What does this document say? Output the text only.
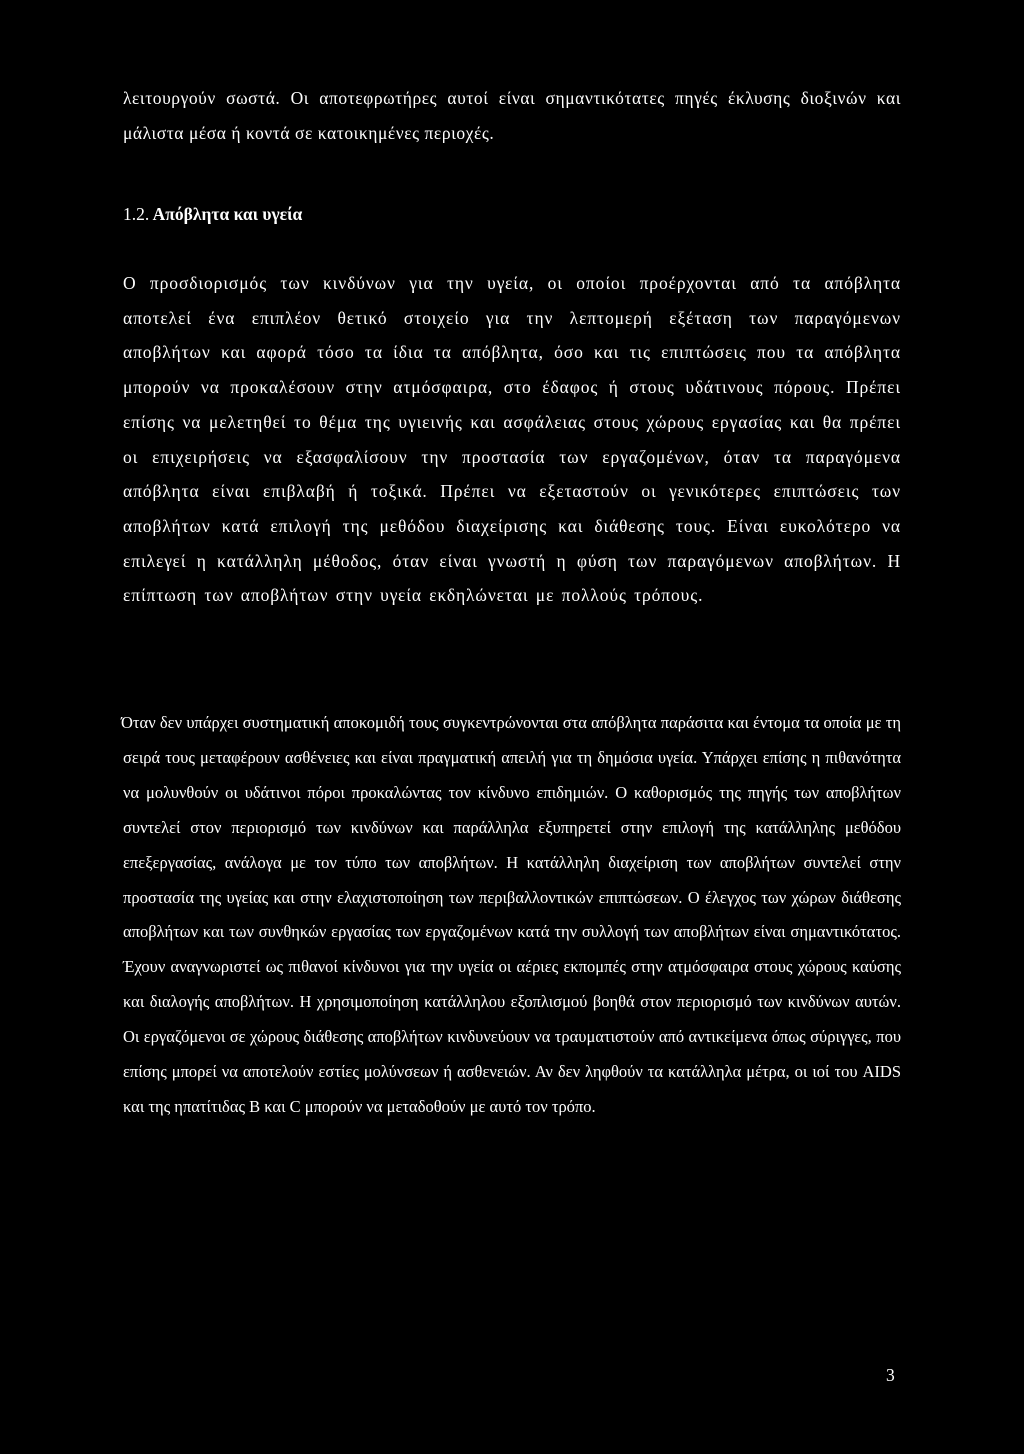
λειτουργούν σωστά. Οι αποτεφρωτήρες αυτοί είναι σημαντικότατες πηγές έκλυσης διοξινών και μάλιστα μέσα ή κοντά σε κατοικημένες περιοχές.

1.2. Απόβλητα και υγεία

Ο προσδιορισμός των κινδύνων για την υγεία, οι οποίοι προέρχονται από τα απόβλητα αποτελεί ένα επιπλέον θετικό στοιχείο για την λεπτομερή εξέταση των παραγόμενων αποβλήτων και αφορά τόσο τα ίδια τα απόβλητα, όσο και τις επιπτώσεις που τα απόβλητα μπορούν να προκαλέσουν στην ατμόσφαιρα, στο έδαφος ή στους υδάτινους πόρους. Πρέπει επίσης να μελετηθεί το θέμα της υγιεινής και ασφάλειας στους χώρους εργασίας και θα πρέπει οι επιχειρήσεις να εξασφαλίσουν την προστασία των εργαζομένων, όταν τα παραγόμενα απόβλητα είναι επιβλαβή ή τοξικά. Πρέπει να εξεταστούν οι γενικότερες επιπτώσεις των αποβλήτων κατά επιλογή της μεθόδου διαχείρισης και διάθεσης τους. Είναι ευκολότερο να επιλεγεί η κατάλληλη μέθοδος, όταν είναι γνωστή η φύση των παραγόμενων αποβλήτων. Η επίπτωση των αποβλήτων στην υγεία εκδηλώνεται με πολλούς τρόπους.

Όταν δεν υπάρχει συστηματική αποκομιδή τους συγκεντρώνονται στα απόβλητα παράσιτα και έντομα τα οποία με τη σειρά τους μεταφέρουν ασθένειες και είναι πραγματική απειλή για τη δημόσια υγεία. Υπάρχει επίσης η πιθανότητα να μολυνθούν οι υδάτινοι πόροι προκαλώντας τον κίνδυνο επιδημιών. Ο καθορισμός της πηγής των αποβλήτων συντελεί στον περιορισμό των κινδύνων και παράλληλα εξυπηρετεί στην επιλογή της κατάλληλης μεθόδου επεξεργασίας, ανάλογα με τον τύπο των αποβλήτων. Η κατάλληλη διαχείριση των αποβλήτων συντελεί στην προστασία της υγείας και στην ελαχιστοποίηση των περιβαλλοντικών επιπτώσεων. Ο έλεγχος των χώρων διάθεσης αποβλήτων και των συνθηκών εργασίας των εργαζομένων κατά την συλλογή των αποβλήτων είναι σημαντικότατος. Έχουν αναγνωριστεί ως πιθανοί κίνδυνοι για την υγεία οι αέριες εκπομπές στην ατμόσφαιρα στους χώρους καύσης και διαλογής αποβλήτων. Η χρησιμοποίηση κατάλληλου εξοπλισμού βοηθά στον περιορισμό των κινδύνων αυτών. Οι εργαζόμενοι σε χώρους διάθεσης αποβλήτων κινδυνεύουν να τραυματιστούν από αντικείμενα όπως σύριγγες, που επίσης μπορεί να αποτελούν εστίες μολύνσεων ή ασθενειών. Αν δεν ληφθούν τα κατάλληλα μέτρα, οι ιοί του AIDS και της ηπατίτιδας Β και C μπορούν να μεταδοθούν με αυτό τον τρόπο.

3
